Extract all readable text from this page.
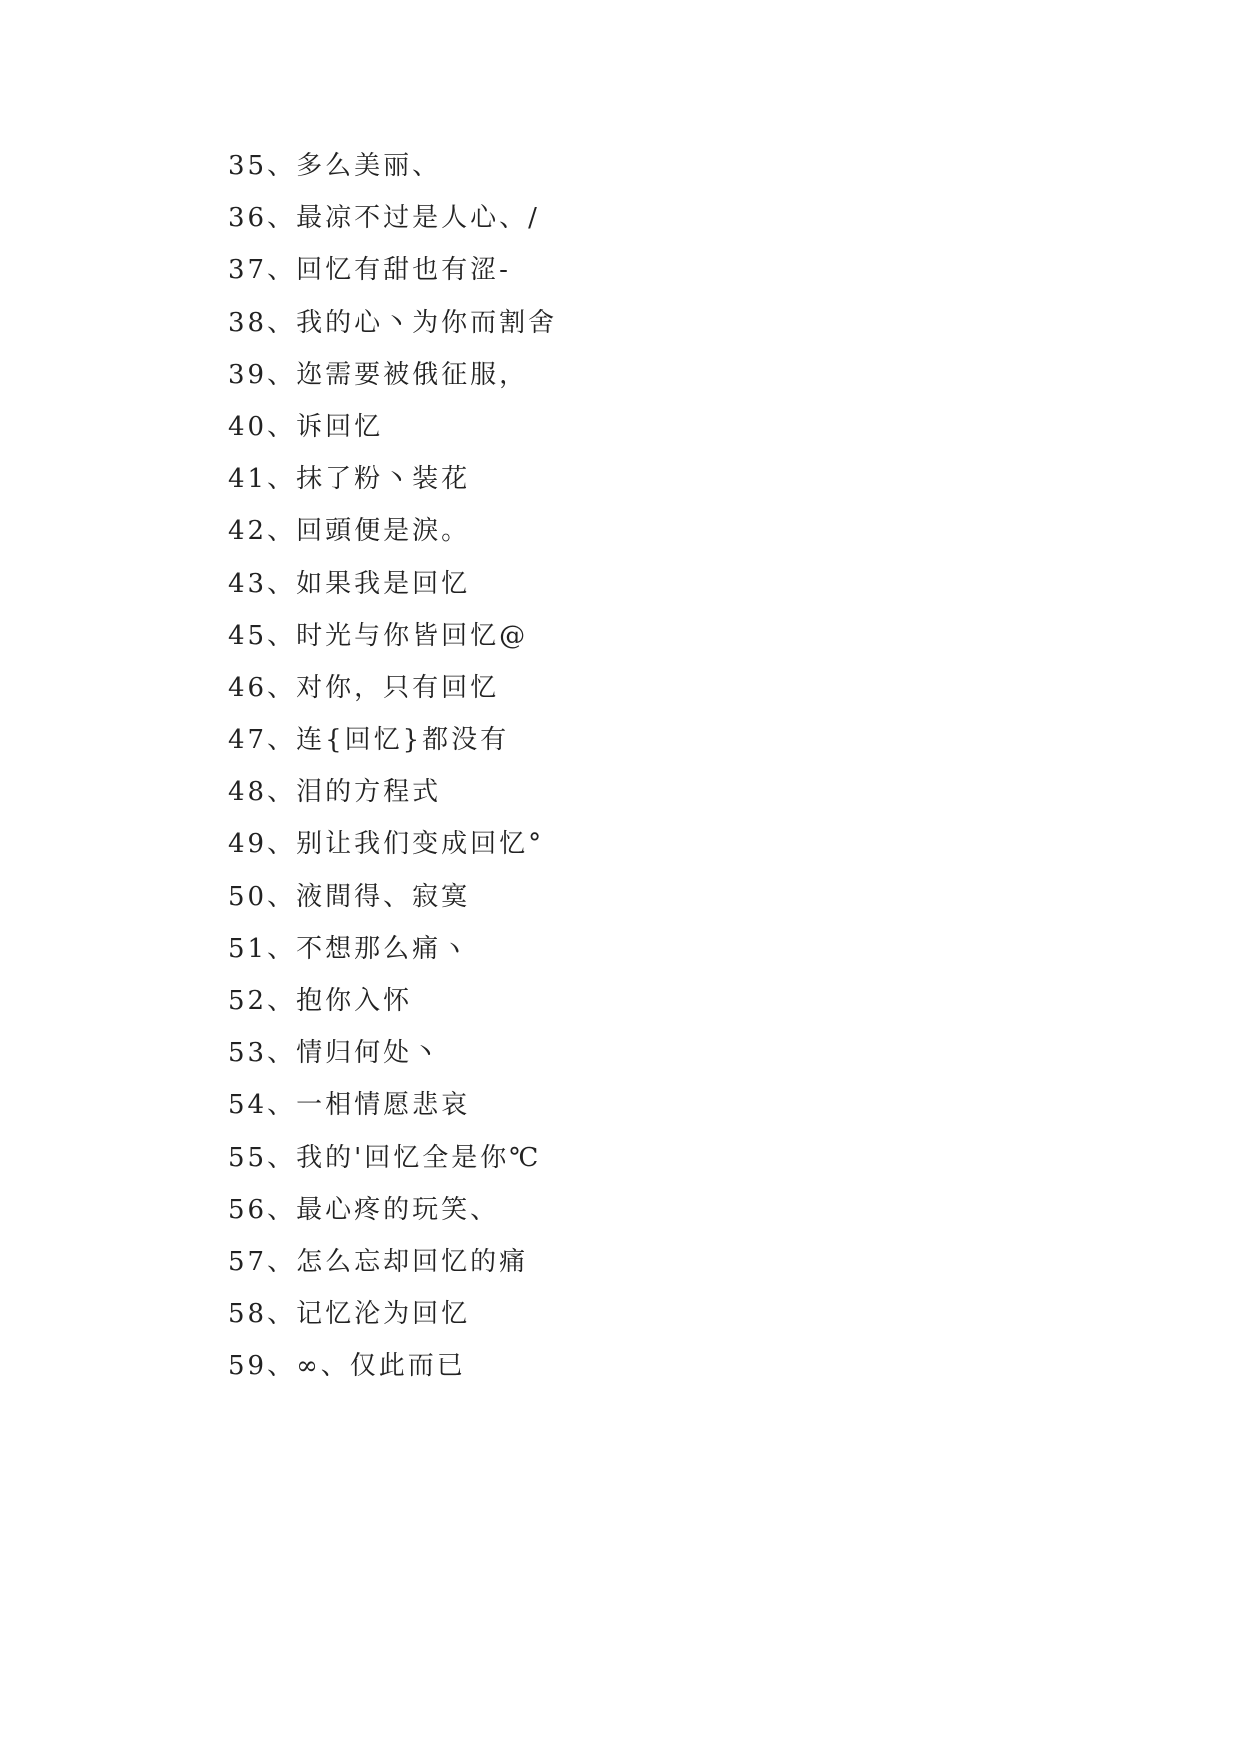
35、多么美丽、
36、最凉不过是人心、/
37、回忆有甜也有涩-
38、我的心丶为你而割舍
39、迩需要被俄征服，
40、诉回忆
41、抹了粉丶装花
42、回頭便是淚。
43、如果我是回忆
45、时光与你皆回忆@
46、对你，只有回忆
47、连{回忆}都没有
48、泪的方程式
49、别让我们变成回忆°
50、液間得、寂寞
51、不想那么痛ヽ
52、抱你入怀
53、情归何处丶
54、一相情愿悲哀
55、我的'回忆全是你℃
56、最心疼的玩笑、
57、怎么忘却回忆的痛
58、记忆沦为回忆
59、∞、仅此而已
